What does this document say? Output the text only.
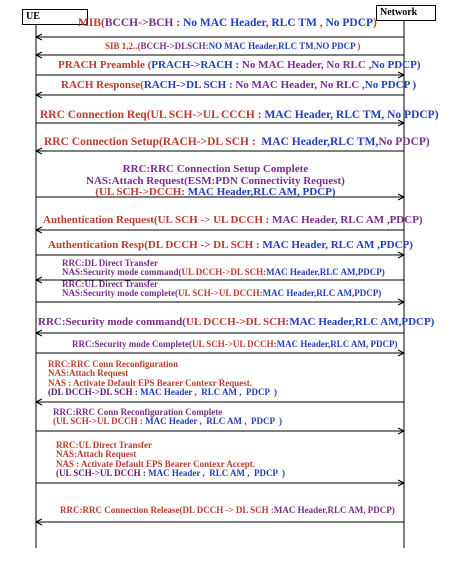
UE	Network
MIB(BCCH->BCH : No MAC Header, RLC TM , No PDCP)
SIB 1,2..(BCCH->DLSCH:NO MAC Header,RLC TM,NO PDCP )
PRACH Preamble (PRACH->RACH : No MAC Header, No RLC ,No PDCP)
RACH Response(RACH->DL SCH : No MAC Header, No RLC ,No PDCP )
RRC Connection Req(UL SCH->UL CCCH : MAC Header, RLC TM, No PDCP)
RRC Connection Setup(RACH->DL SCH :  MAC Header,RLC TM,No PDCP)
RRC:RRC Connection Setup Complete
NAS:Attach Request(ESM:PDN Connectivity Request)
(UL SCH->DCCH: MAC Header,RLC AM, PDCP)
Authentication Request(UL SCH -> UL DCCH : MAC Header, RLC AM ,PDCP)
Authentication Resp(DL DCCH -> DL SCH : MAC Header, RLC AM ,PDCP)
RRC:DL Direct Transfer
NAS:Security mode command(UL DCCH->DL SCH:MAC Header,RLC AM,PDCP)
RRC:UL Direct Transfer
NAS:Security mode complete(UL SCH->UL DCCH:MAC Header,RLC AM,PDCP)
RRC:Security mode command(UL DCCH->DL SCH:MAC Header,RLC AM,PDCP)
RRC:Security mode Complete(UL SCH->UL DCCH:MAC Header,RLC AM, PDCP)
RRC:RRC Conn Reconfiguration
NAS:Attach Request
NAS : Activate Default EPS Bearer Contexr Request.
(DL DCCH->DL SCH : MAC Header ,  RLC AM ,  PDCP  )
RRC:RRC Conn Reconfiguration Complete
(UL SCH->UL DCCH : MAC Header ,  RLC AM ,  PDCP  )
RRC:UL Direct Transfer
NAS:Attach Request
NAS : Activate Default EPS Bearer Contexr Accept.
(UL SCH->UL DCCH : MAC Header ,  RLC AM ,  PDCP  )
RRC:RRC Connection Release(DL DCCH -> DL SCH :MAC Header,RLC AM, PDCP)
